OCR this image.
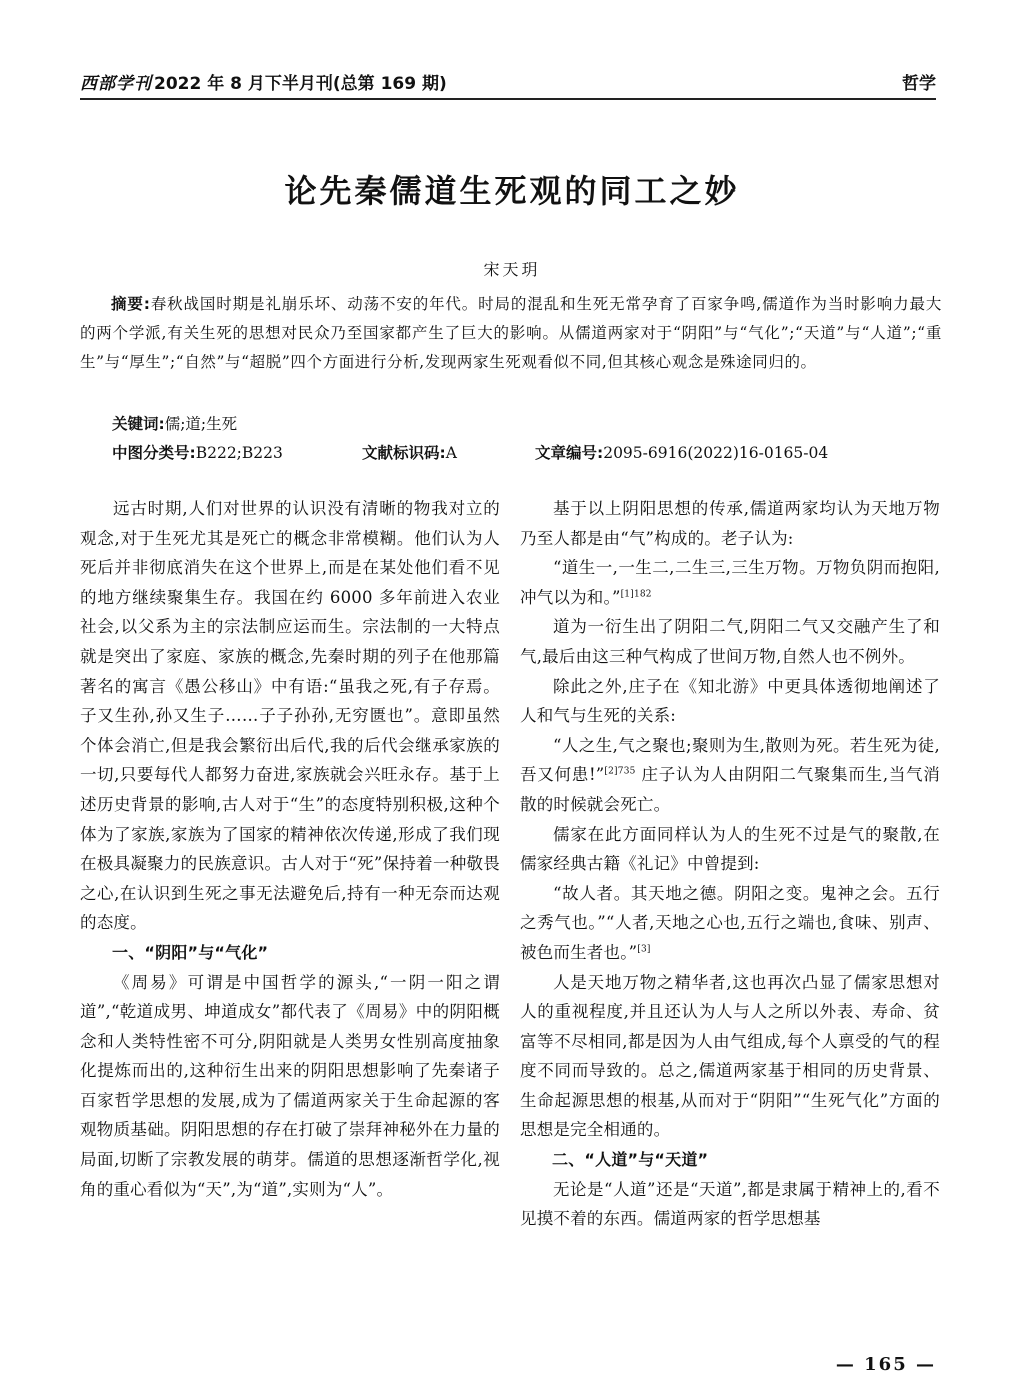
西部学刊 2022 年 8 月下半月刊(总第 169 期)	哲学
论先秦儒道生死观的同工之妙
宋天玥
摘要:春秋战国时期是礼崩乐坏、动荡不安的年代。时局的混乱和生死无常孕育了百家争鸣,儒道作为当时影响力最大的两个学派,有关生死的思想对民众乃至国家都产生了巨大的影响。从儒道两家对于“阴阳”与“气化”;“天道”与“人道”;“重生”与“厚生”;“自然”与“超脱”四个方面进行分析,发现两家生死观看似不同,但其核心观念是殊途同归的。
关键词:儒;道;生死
中图分类号:B222;B223	文献标识码:A	文章编号:2095-6916(2022)16-0165-04

远古时期,人们对世界的认识没有清晰的物我对立的观念,对于生死尤其是死亡的概念非常模糊。他们认为人死后并非彻底消失在这个世界上,而是在某处他们看不见的地方继续聚集生存。我国在约 6000 多年前进入农业社会,以父系为主的宗法制应运而生。宗法制的一大特点就是突出了家庭、家族的概念,先秦时期的列子在他那篇著名的寓言《愚公移山》中有语:“虽我之死,有子存焉。子又生孙,孙又生子……子子孙孙,无穷匮也”。意即虽然个体会消亡,但是我会繁衍出后代,我的后代会继承家族的一切,只要每代人都努力奋进,家族就会兴旺永存。基于上述历史背景的影响,古人对于“生”的态度特别积极,这种个体为了家族,家族为了国家的精神依次传递,形成了我们现在极具凝聚力的民族意识。古人对于“死”保持着一种敬畏之心,在认识到生死之事无法避免后,持有一种无奈而达观的态度。

一、“阴阳”与“气化”

《周易》可谓是中国哲学的源头,“一阴一阳之谓道”,“乾道成男、坤道成女”都代表了《周易》中的阴阳概念和人类特性密不可分,阴阳就是人类男女性别高度抽象化提炼而出的,这种衍生出来的阴阳思想影响了先秦诸子百家哲学思想的发展,成为了儒道两家关于生命起源的客观物质基础。阴阳思想的存在打破了崇拜神秘外在力量的局面,切断了宗教发展的萌芽。儒道的思想逐渐哲学化,视角的重心看似为“天”,为“道”,实则为“人”。

基于以上阴阳思想的传承,儒道两家均认为天地万物乃至人都是由“气”构成的。老子认为:

“道生一,一生二,二生三,三生万物。万物负阴而抱阳,冲气以为和。”$^{[1]182}$

道为一衍生出了阴阳二气,阴阳二气又交融产生了和气,最后由这三种气构成了世间万物,自然人也不例外。

除此之外,庄子在《知北游》中更具体透彻地阐述了人和气与生死的关系:

“人之生,气之聚也;聚则为生,散则为死。若生死为徒,吾又何患!”$^{[2]735}$ 庄子认为人由阴阳二气聚集而生,当气消散的时候就会死亡。

儒家在此方面同样认为人的生死不过是气的聚散,在儒家经典古籍《礼记》中曾提到:

“故人者。其天地之德。阴阳之变。鬼神之会。五行之秀气也。”“人者,天地之心也,五行之端也,食味、别声、被色而生者也。”[3]

人是天地万物之精华者,这也再次凸显了儒家思想对人的重视程度,并且还认为人与人之所以外表、寿命、贫富等不尽相同,都是因为人由气组成,每个人禀受的气的程度不同而导致的。总之,儒道两家基于相同的历史背景、生命起源思想的根基,从而对于“阴阳”“生死气化”方面的思想是完全相通的。

二、“人道”与“天道”

无论是“人道”还是“天道”,都是隶属于精神上的,看不见摸不着的东西。儒道两家的哲学思想基

— 165 —
